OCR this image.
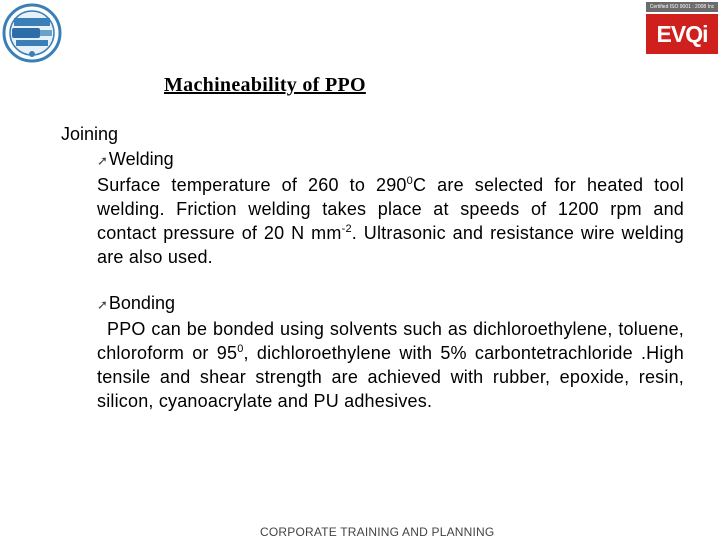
Certified ISO 9001 : 2008 Inc
EVQi
Machineability of PPO
Joining
➚Welding
Surface temperature of 260 to $290^0C$ are selected for heated tool welding. Friction welding takes place at speeds of 1200 rpm and contact pressure of 20 N $mm^{-2}$. Ultrasonic and resistance wire welding are also used.
➚Bonding
PPO can be bonded using solvents such as dichloroethylene, toluene, chloroform or $95^0$, dichloroethylene with 5% carbontetrachloride .High tensile and shear strength are achieved with rubber, epoxide, resin, silicon, cyanoacrylate and PU adhesives.
CORPORATE TRAINING AND PLANNING
